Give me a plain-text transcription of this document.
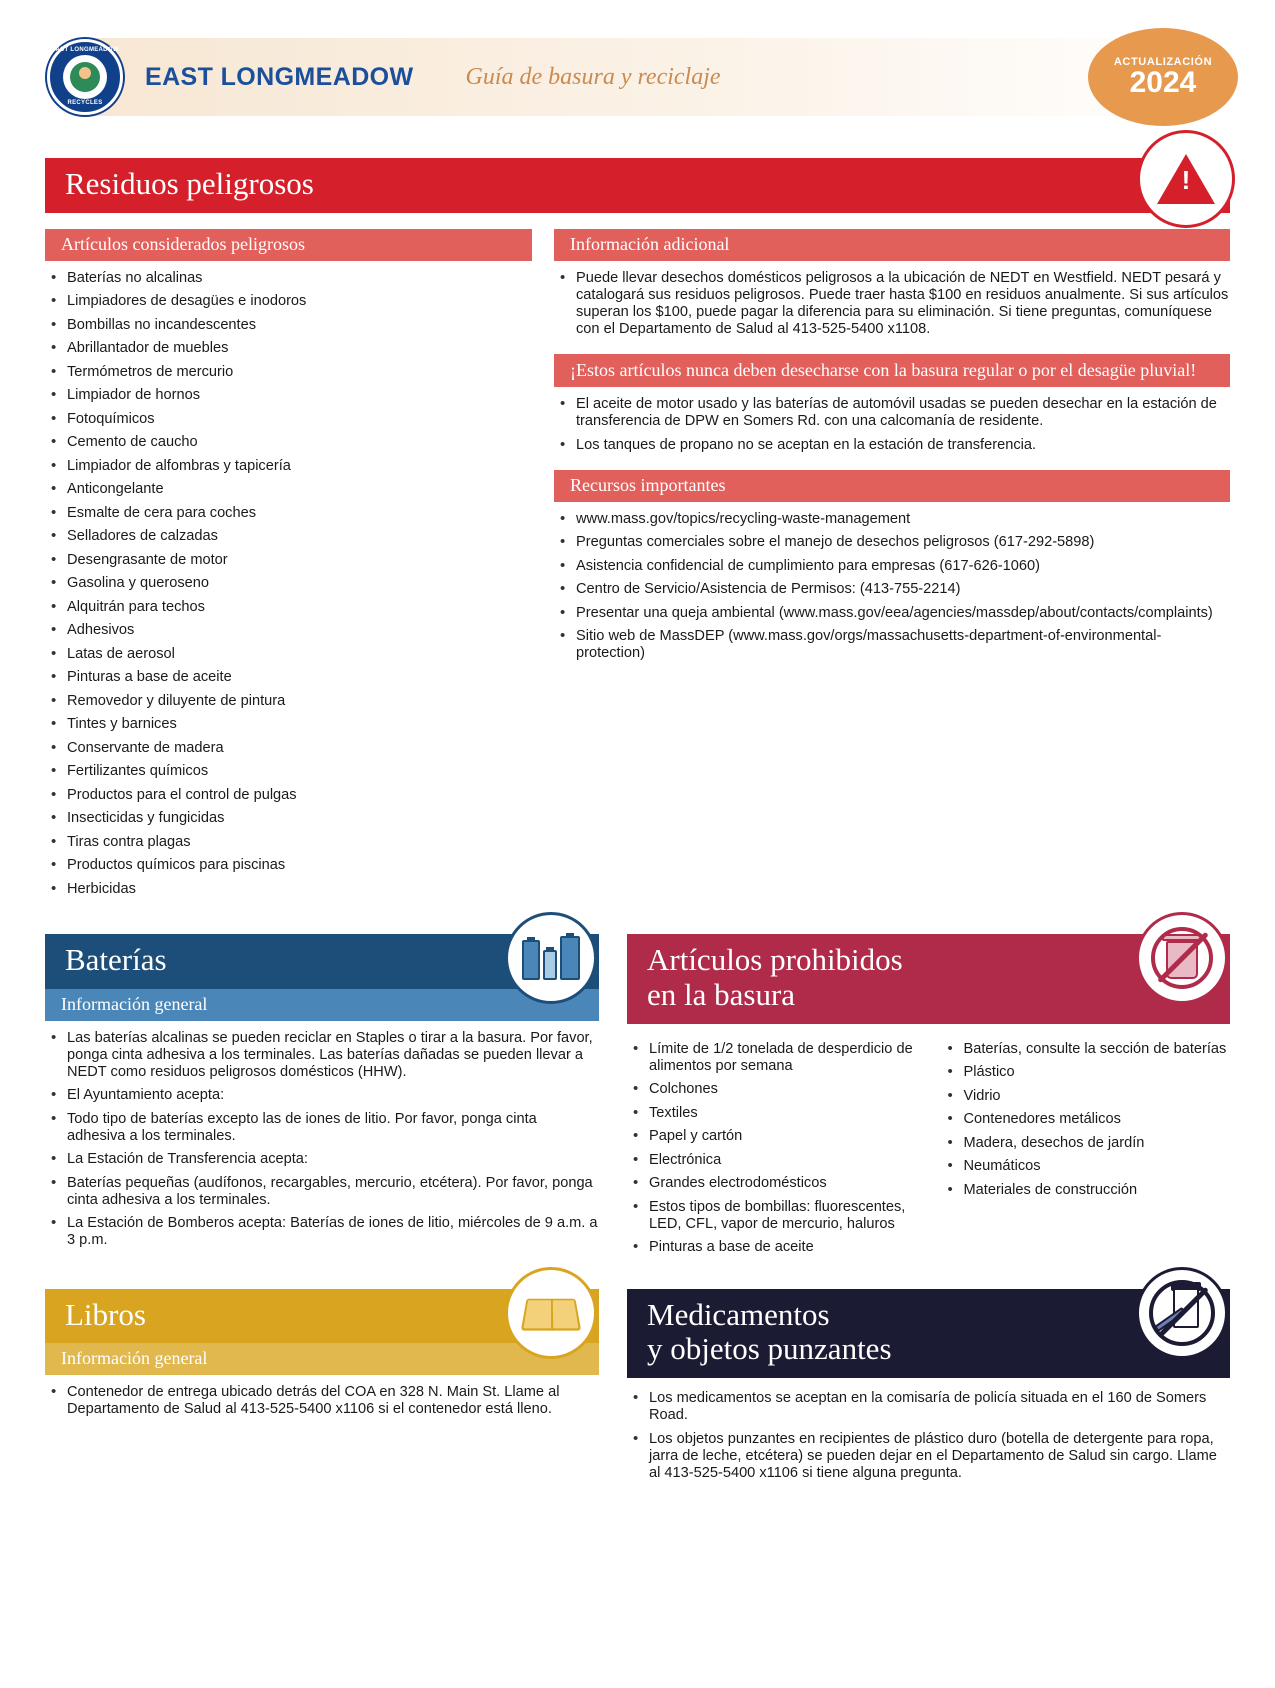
EAST LONGMEADOW
RECYCLES
EAST LONGMEADOW Guía de basura y reciclaje
ACTUALIZACIÓN
2024
Residuos peligrosos
!
Artículos considerados peligrosos
• Baterías no alcalinas
• Limpiadores de desagües e inodoros
• Bombillas no incandescentes
• Abrillantador de muebles
• Termómetros de mercurio
• Limpiador de hornos
• Fotoquímicos
• Cemento de caucho
• Limpiador de alfombras y tapicería
• Anticongelante
• Esmalte de cera para coches
• Selladores de calzadas
• Desengrasante de motor
• Gasolina y queroseno
• Alquitrán para techos
• Adhesivos
• Latas de aerosol
• Pinturas a base de aceite
• Removedor y diluyente de pintura
• Tintes y barnices
• Conservante de madera
• Fertilizantes químicos
• Productos para el control de pulgas
• Insecticidas y fungicidas
• Tiras contra plagas
• Productos químicos para piscinas
• Herbicidas
Información adicional
• Puede llevar desechos domésticos peligrosos a la ubicación de NEDT en Westfield. NEDT pesará y catalogará sus residuos peligrosos. Puede traer hasta $100 en residuos anualmente. Si sus artículos superan los $100, puede pagar la diferencia para su eliminación. Si tiene preguntas, comuníquese con el Departamento de Salud al 413-525-5400 x1108.
¡Estos artículos nunca deben desecharse con la basura regular o por el desagüe pluvial!
• El aceite de motor usado y las baterías de automóvil usadas se pueden desechar en la estación de transferencia de DPW en Somers Rd. con una calcomanía de residente.
• Los tanques de propano no se aceptan en la estación de transferencia.
Recursos importantes
• www.mass.gov/topics/recycling-waste-management
• Preguntas comerciales sobre el manejo de desechos peligrosos (617-292-5898)
• Asistencia confidencial de cumplimiento para empresas (617-626-1060)
• Centro de Servicio/Asistencia de Permisos: (413-755-2214)
• Presentar una queja ambiental (www.mass.gov/eea/agencies/massdep/about/contacts/complaints)
• Sitio web de MassDEP (www.mass.gov/orgs/massachusetts-department-of-environmental-protection)
Baterías
Información general
• Las baterías alcalinas se pueden reciclar en Staples o tirar a la basura. Por favor, ponga cinta adhesiva a los terminales. Las baterías dañadas se pueden llevar a NEDT como residuos peligrosos domésticos (HHW).
• El Ayuntamiento acepta:
• Todo tipo de baterías excepto las de iones de litio. Por favor, ponga cinta adhesiva a los terminales.
• La Estación de Transferencia acepta:
• Baterías pequeñas (audífonos, recargables, mercurio, etcétera). Por favor, ponga cinta adhesiva a los terminales.
• La Estación de Bomberos acepta: Baterías de iones de litio, miércoles de 9 a.m. a 3 p.m.
Artículos prohibidos
en la basura
• Límite de 1/2 tonelada de desperdicio de alimentos por semana
• Colchones
• Textiles
• Papel y cartón
• Electrónica
• Grandes electrodomésticos
• Estos tipos de bombillas: fluorescentes, LED, CFL, vapor de mercurio, haluros
• Pinturas a base de aceite
• Baterías, consulte la sección de baterías
• Plástico
• Vidrio
• Contenedores metálicos
• Madera, desechos de jardín
• Neumáticos
• Materiales de construcción
Libros
Información general
• Contenedor de entrega ubicado detrás del COA en 328 N. Main St. Llame al Departamento de Salud al 413-525-5400 x1106 si el contenedor está lleno.
Medicamentos
y objetos punzantes
• Los medicamentos se aceptan en la comisaría de policía situada en el 160 de Somers Road.
• Los objetos punzantes en recipientes de plástico duro (botella de detergente para ropa, jarra de leche, etcétera) se pueden dejar en el Departamento de Salud sin cargo. Llame al 413-525-5400 x1106 si tiene alguna pregunta.
